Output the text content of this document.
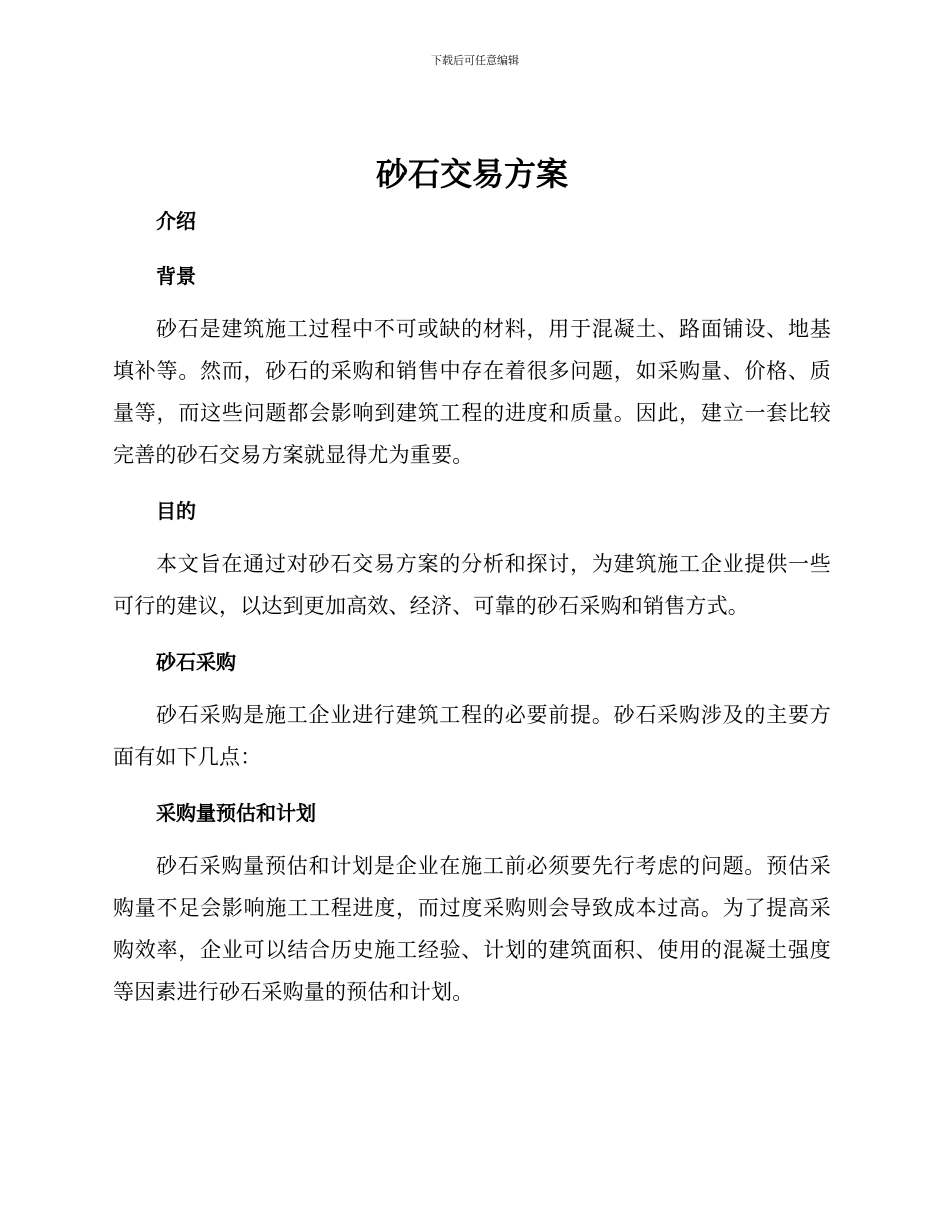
下载后可任意编辑
砂石交易方案
介绍
背景

砂石是建筑施工过程中不可或缺的材料，用于混凝土、路面铺设、地基填补等。然而，砂石的采购和销售中存在着很多问题，如采购量、价格、质量等，而这些问题都会影响到建筑工程的进度和质量。因此，建立一套比较完善的砂石交易方案就显得尤为重要。

目的

本文旨在通过对砂石交易方案的分析和探讨，为建筑施工企业提供一些可行的建议，以达到更加高效、经济、可靠的砂石采购和销售方式。

砂石采购

砂石采购是施工企业进行建筑工程的必要前提。砂石采购涉及的主要方面有如下几点：

采购量预估和计划

砂石采购量预估和计划是企业在施工前必须要先行考虑的问题。预估采购量不足会影响施工工程进度，而过度采购则会导致成本过高。为了提高采购效率，企业可以结合历史施工经验、计划的建筑面积、使用的混凝土强度等因素进行砂石采购量的预估和计划。
